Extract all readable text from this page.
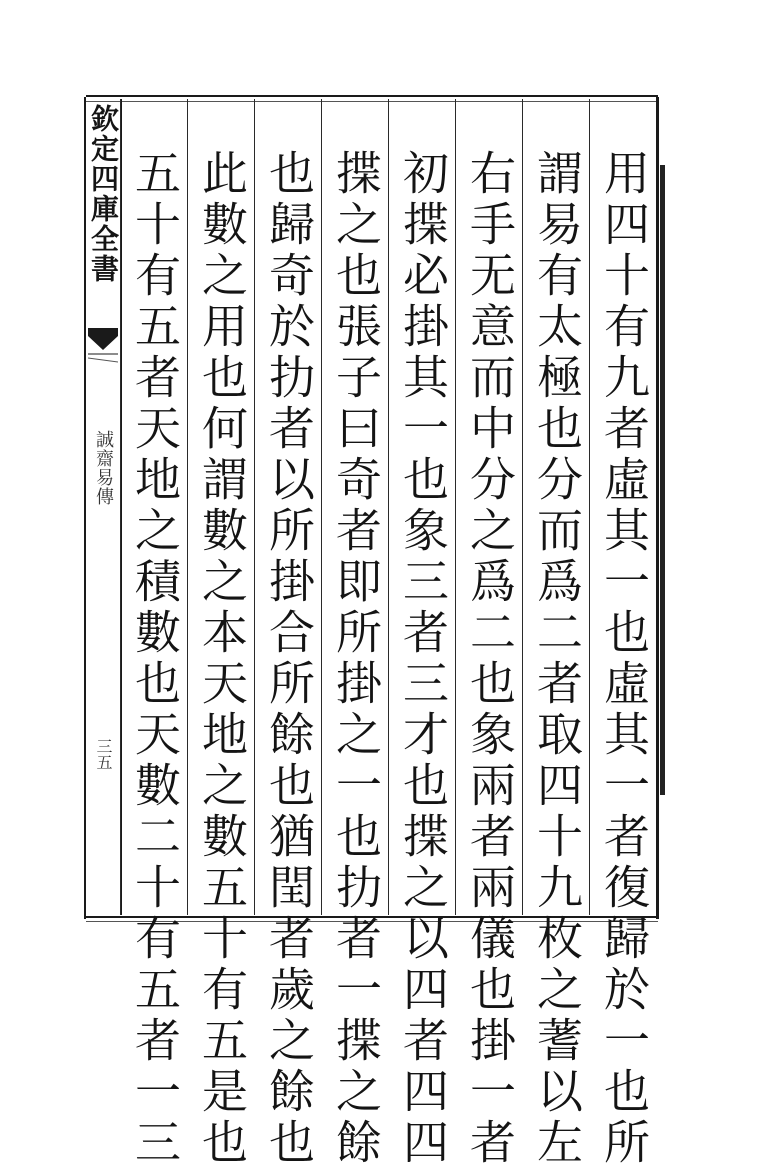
欽定四庫全書
誠齋易傳
三五	用四十有九者虛其一也虛其一者復歸於一也所
謂易有太極也分而爲二者取四十九枚之蓍以左
右手无意而中分之爲二也象兩者兩儀也掛一者
初揲必掛其一也象三者三才也揲之以四者四四
揲之也張子曰奇者即所掛之一也扐者一揲之餘
也歸奇於扐者以所掛合所餘也猶閏者歲之餘也
此數之用也何謂數之本天地之數五十有五是也
五十有五者天地之積數也天數二十有五者一三
